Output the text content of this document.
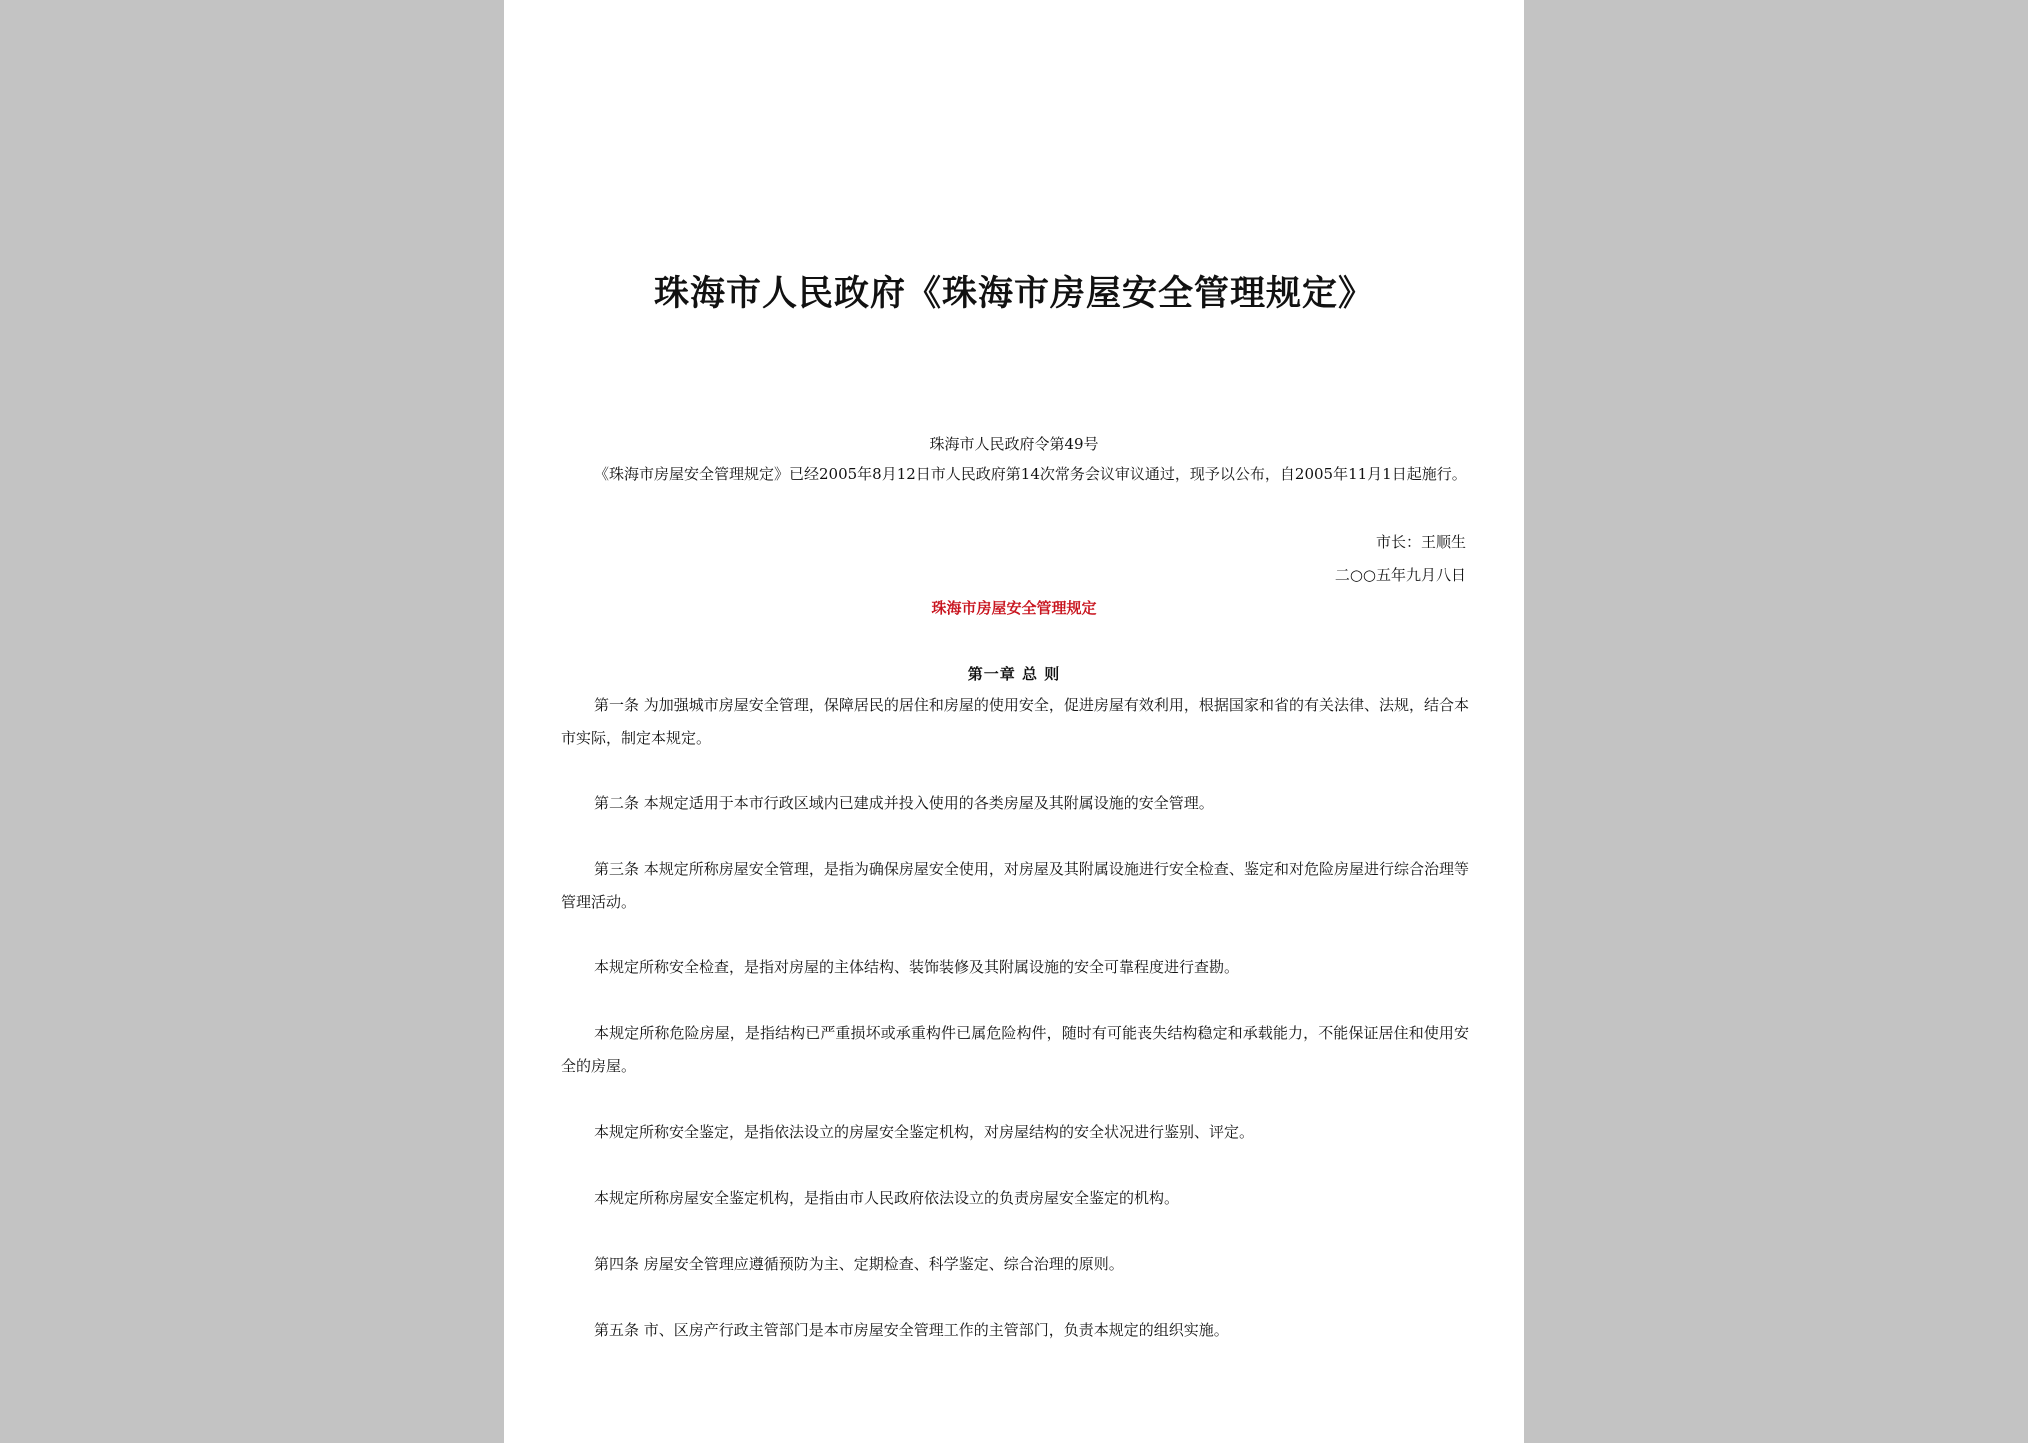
珠海市人民政府《珠海市房屋安全管理规定》
珠海市人民政府令第49号

《珠海市房屋安全管理规定》已经2005年8月12日市人民政府第14次常务会议审议通过，现予以公布，自2005年11月1日起施行。

市长：王顺生
二○○五年九月八日
珠海市房屋安全管理规定
第一章 总 则

第一条 为加强城市房屋安全管理，保障居民的居住和房屋的使用安全，促进房屋有效利用，根据国家和省的有关法律、法规，结合本市实际，制定本规定。

第二条 本规定适用于本市行政区域内已建成并投入使用的各类房屋及其附属设施的安全管理。

第三条 本规定所称房屋安全管理，是指为确保房屋安全使用，对房屋及其附属设施进行安全检查、鉴定和对危险房屋进行综合治理等管理活动。

本规定所称安全检查，是指对房屋的主体结构、装饰装修及其附属设施的安全可靠程度进行查勘。

本规定所称危险房屋，是指结构已严重损坏或承重构件已属危险构件，随时有可能丧失结构稳定和承载能力，不能保证居住和使用安全的房屋。

本规定所称安全鉴定，是指依法设立的房屋安全鉴定机构，对房屋结构的安全状况进行鉴别、评定。

本规定所称房屋安全鉴定机构，是指由市人民政府依法设立的负责房屋安全鉴定的机构。

第四条 房屋安全管理应遵循预防为主、定期检查、科学鉴定、综合治理的原则。

第五条 市、区房产行政主管部门是本市房屋安全管理工作的主管部门，负责本规定的组织实施。
